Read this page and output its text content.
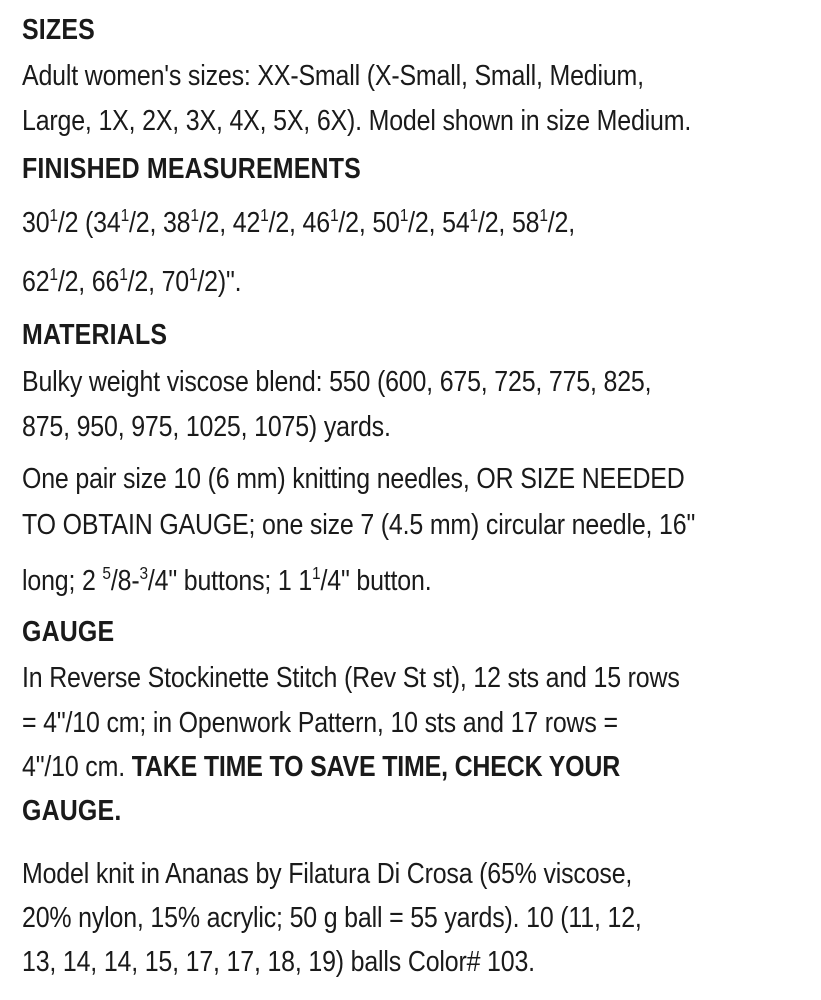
SIZES
Adult women's sizes: XX-Small (X-Small, Small, Medium,
Large, 1X, 2X, 3X, 4X, 5X, 6X). Model shown in size Medium.
FINISHED MEASUREMENTS
$30^1/2$ ($34^1/2$, $38^1/2$, $42^1/2$, $46^1/2$, $50^1/2$, $54^1/2$, $58^1/2$,
$62^1/2$, $66^1/2$, $70^1/2$)".
MATERIALS
Bulky weight viscose blend: 550 (600, 675, 725, 775, 825,
875, 950, 975, 1025, 1075) yards.
One pair size 10 (6 mm) knitting needles, OR SIZE NEEDED
TO OBTAIN GAUGE; one size 7 (4.5 mm) circular needle, 16"
long; 2 $^5$/8-$^3$/4" buttons; 1 $1^1/4$" button.
GAUGE
In Reverse Stockinette Stitch (Rev St st), 12 sts and 15 rows
= 4"/10 cm; in Openwork Pattern, 10 sts and 17 rows =
4"/10 cm. TAKE TIME TO SAVE TIME, CHECK YOUR
GAUGE.
Model knit in Ananas by Filatura Di Crosa (65% viscose,
20% nylon, 15% acrylic; 50 g ball = 55 yards). 10 (11, 12,
13, 14, 14, 15, 17, 17, 18, 19) balls Color# 103.
